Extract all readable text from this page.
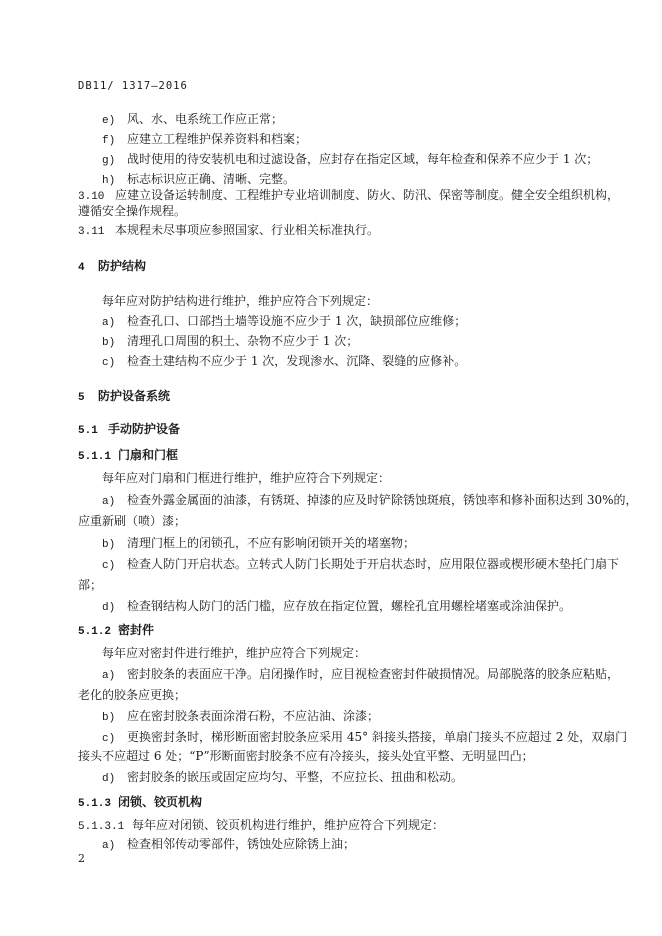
DB11/ 1317—2016
e) 风、水、电系统工作应正常；
f) 应建立工程维护保养资料和档案；
g) 战时使用的待安装机电和过滤设备，应封存在指定区域，每年检查和保养不应少于 1 次；
h) 标志标识应正确、清晰、完整。
3.10 应建立设备运转制度、工程维护专业培训制度、防火、防汛、保密等制度。健全安全组织机构，
遵循安全操作规程。
3.11 本规程未尽事项应参照国家、行业相关标准执行。
4 防护结构
每年应对防护结构进行维护，维护应符合下列规定：
a) 检查孔口、口部挡土墙等设施不应少于 1 次，缺损部位应维修；
b) 清理孔口周围的积土、杂物不应少于 1 次；
c) 检查土建结构不应少于 1 次，发现渗水、沉降、裂缝的应修补。
5 防护设备系统
5.1 手动防护设备
5.1.1 门扇和门框
每年应对门扇和门框进行维护，维护应符合下列规定：
a) 检查外露金属面的油漆，有锈斑、掉漆的应及时铲除锈蚀斑痕，锈蚀率和修补面积达到 30%的，
应重新刷（喷）漆；
b) 清理门框上的闭锁孔，不应有影响闭锁开关的堵塞物；
c) 检查人防门开启状态。立转式人防门长期处于开启状态时，应用限位器或楔形硬木垫托门扇下
部；
d) 检查钢结构人防门的活门槛，应存放在指定位置，螺栓孔宜用螺栓堵塞或涂油保护。
5.1.2 密封件
每年应对密封件进行维护，维护应符合下列规定：
a) 密封胶条的表面应干净。启闭操作时，应目视检查密封件破损情况。局部脱落的胶条应粘贴，
老化的胶条应更换；
b) 应在密封胶条表面涂滑石粉，不应沾油、涂漆；
c) 更换密封条时，梯形断面密封胶条应采用 45° 斜接头搭接，单扇门接头不应超过 2 处，双扇门
接头不应超过 6 处；“P”形断面密封胶条不应有冷接头，接头处宜平整、无明显凹凸；
d) 密封胶条的嵌压或固定应均匀、平整，不应拉长、扭曲和松动。
5.1.3 闭锁、铰页机构
5.1.3.1 每年应对闭锁、铰页机构进行维护，维护应符合下列规定：
a) 检查相邻传动零部件，锈蚀处应除锈上油；
2
